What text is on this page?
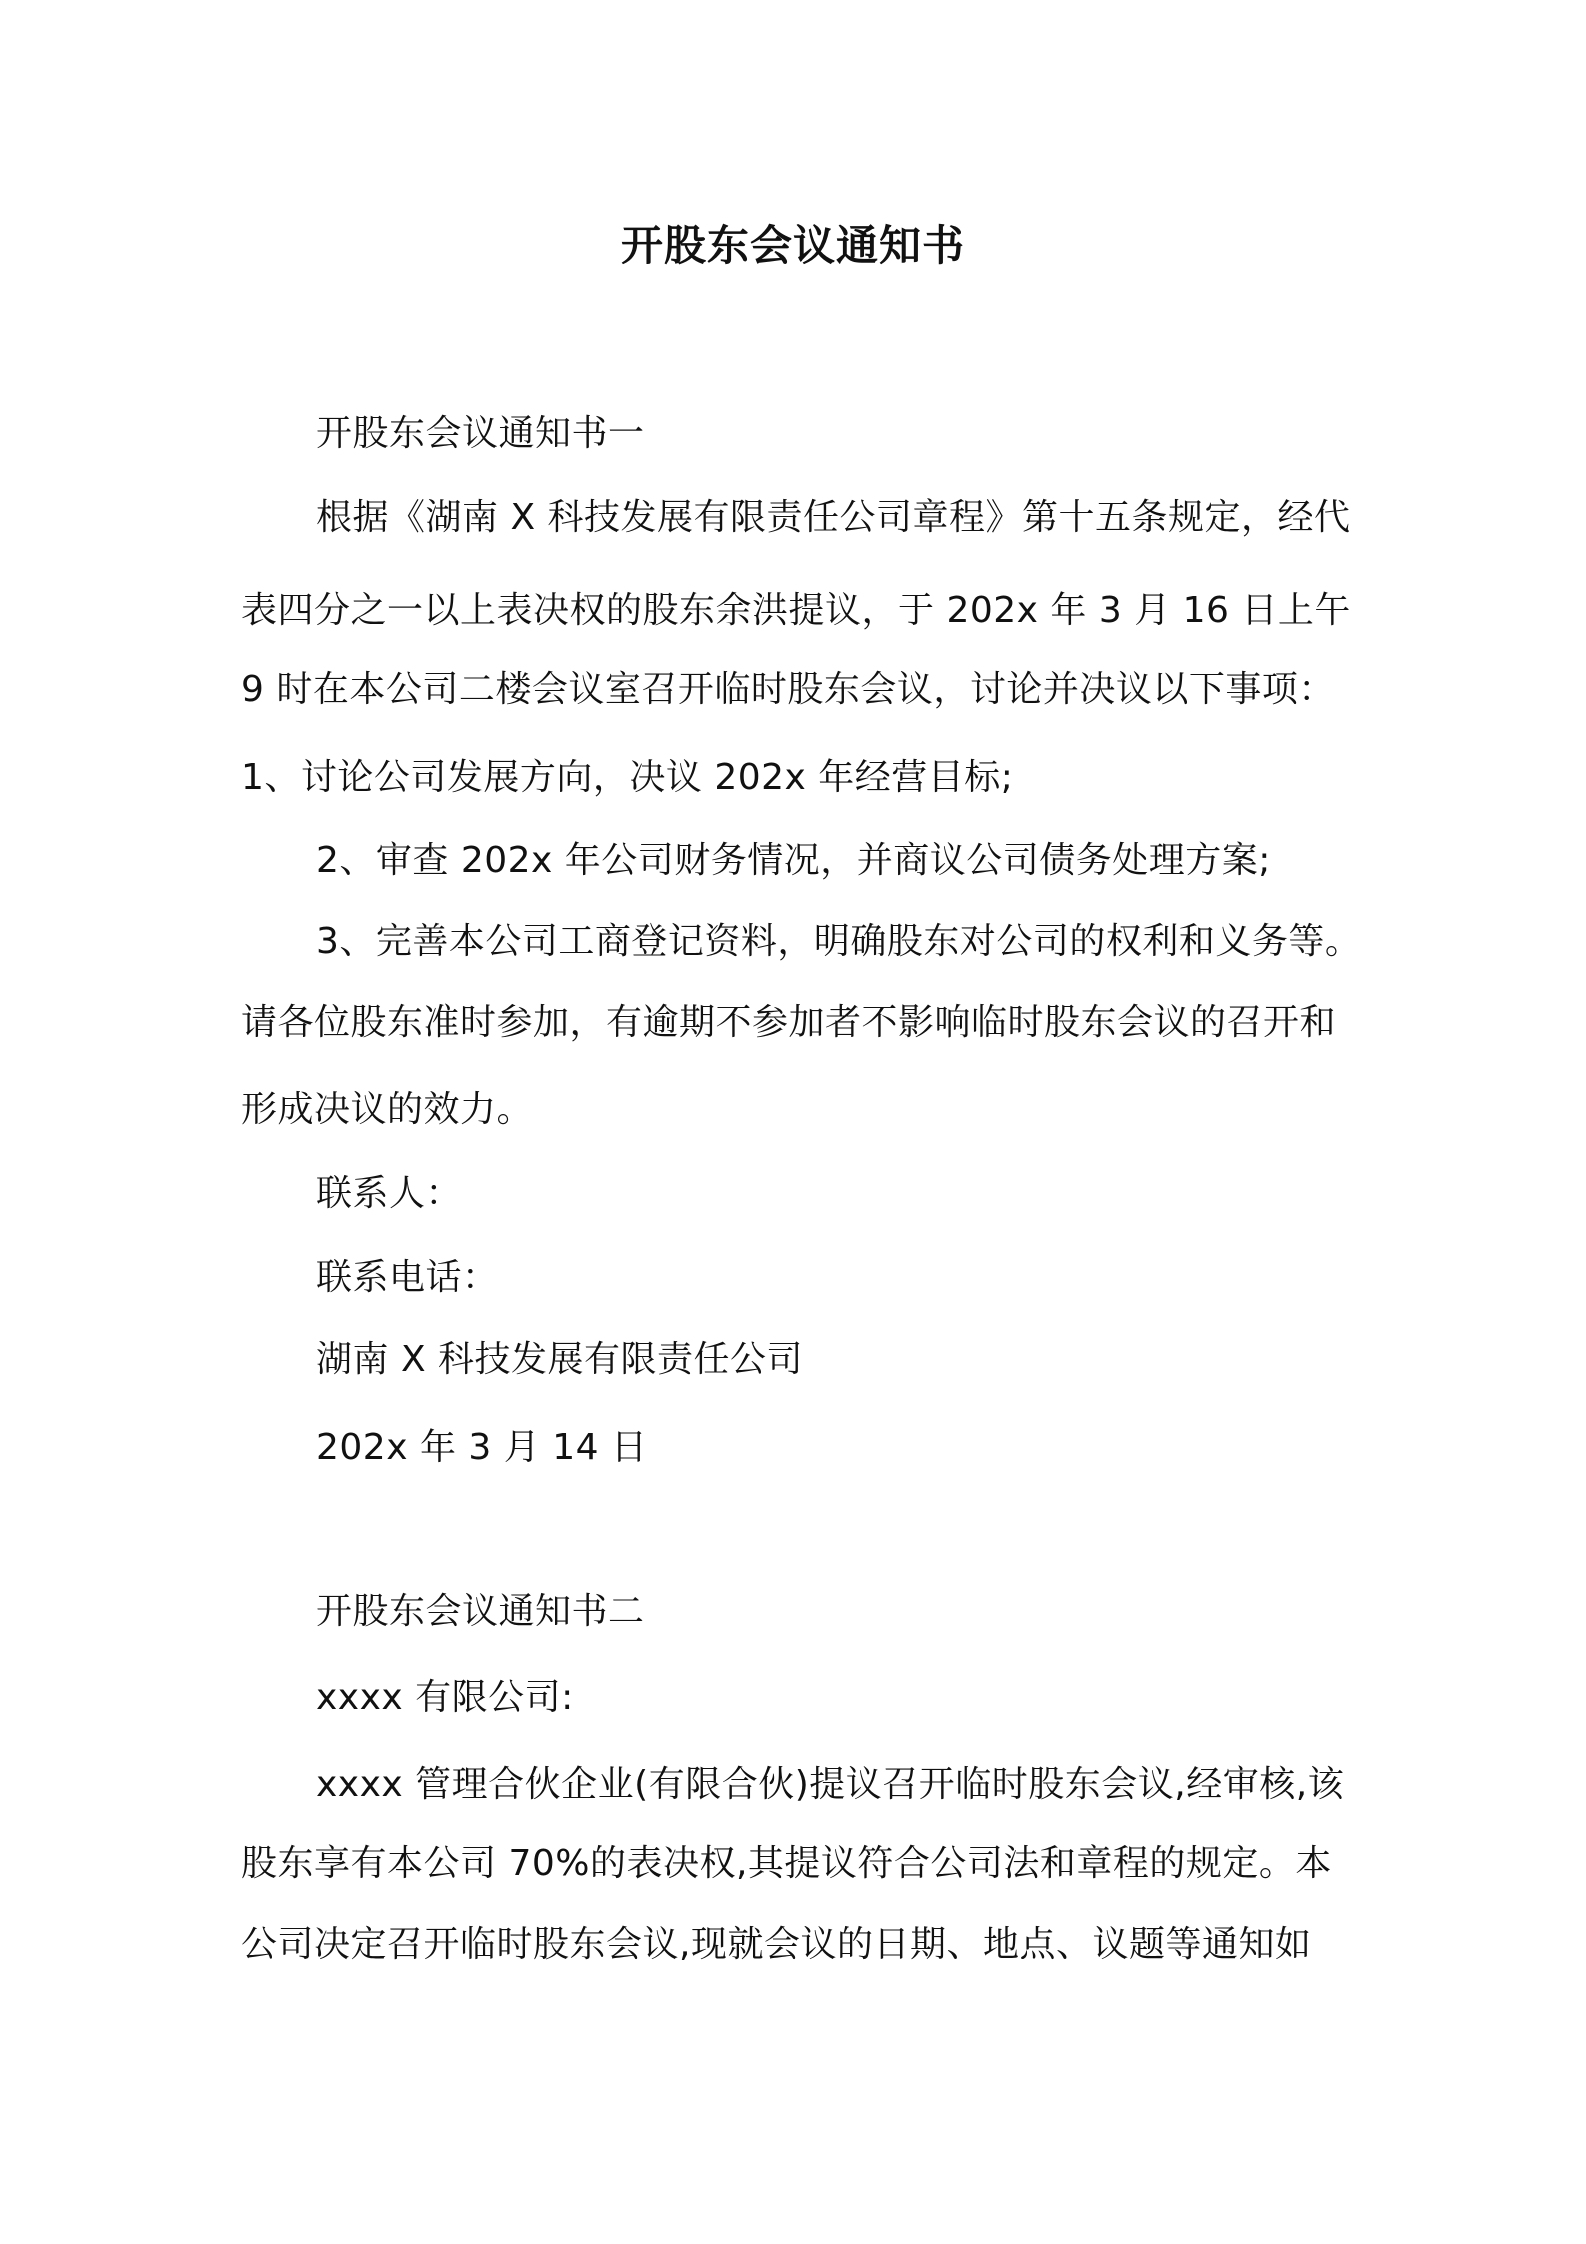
开股东会议通知书
开股东会议通知书一
根据《湖南 X 科技发展有限责任公司章程》第十五条规定，经代
表四分之一以上表决权的股东余洪提议，于 202x 年 3 月 16 日上午
9 时在本公司二楼会议室召开临时股东会议，讨论并决议以下事项：
1、讨论公司发展方向，决议 202x 年经营目标;
2、审查 202x 年公司财务情况，并商议公司债务处理方案;
3、完善本公司工商登记资料，明确股东对公司的权利和义务等。
请各位股东准时参加，有逾期不参加者不影响临时股东会议的召开和
形成决议的效力。
联系人：
联系电话：
湖南 X 科技发展有限责任公司
202x 年 3 月 14 日
开股东会议通知书二
xxxx 有限公司:
xxxx 管理合伙企业(有限合伙)提议召开临时股东会议,经审核,该
股东享有本公司 70%的表决权,其提议符合公司法和章程的规定。本
公司决定召开临时股东会议,现就会议的日期、地点、议题等通知如
